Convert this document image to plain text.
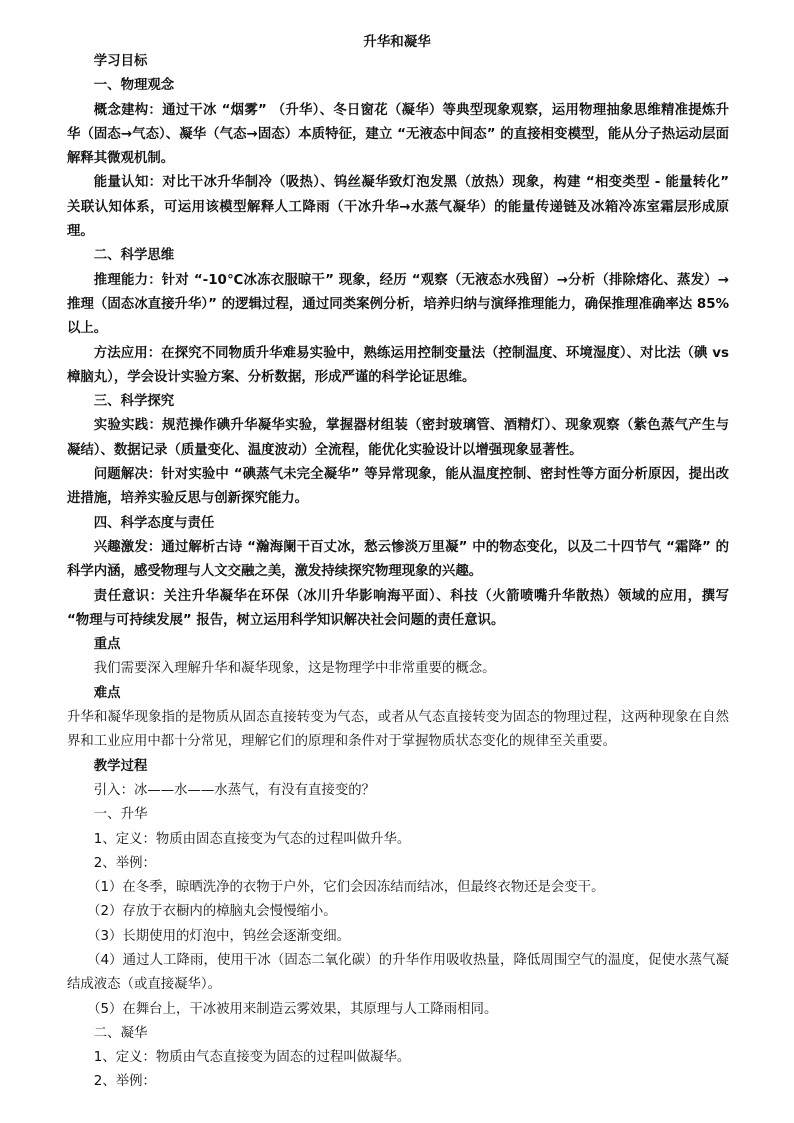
升华和凝华

学习目标

一、物理观念

概念建构：通过干冰 “烟雾” （升华）、冬日窗花（凝华）等典型现象观察，运用物理抽象思维精准提炼升华（固态→气态）、凝华（气态→固态）本质特征，建立 “无液态中间态” 的直接相变模型，能从分子热运动层面解释其微观机制。

能量认知：对比干冰升华制冷（吸热）、钨丝凝华致灯泡发黑（放热）现象，构建 “相变类型 - 能量转化” 关联认知体系，可运用该模型解释人工降雨（干冰升华→水蒸气凝华）的能量传递链及冰箱冷冻室霜层形成原理。

二、科学思维

推理能力：针对 “-10℃冰冻衣服晾干” 现象，经历 “观察（无液态水残留）→分析（排除熔化、蒸发）→推理（固态冰直接升华）” 的逻辑过程，通过同类案例分析，培养归纳与演绎推理能力，确保推理准确率达 85% 以上。

方法应用：在探究不同物质升华难易实验中，熟练运用控制变量法（控制温度、环境湿度）、对比法（碘 vs 樟脑丸），学会设计实验方案、分析数据，形成严谨的科学论证思维。

三、科学探究

实验实践：规范操作碘升华凝华实验，掌握器材组装（密封玻璃管、酒精灯）、现象观察（紫色蒸气产生与凝结）、数据记录（质量变化、温度波动）全流程，能优化实验设计以增强现象显著性。

问题解决：针对实验中 “碘蒸气未完全凝华” 等异常现象，能从温度控制、密封性等方面分析原因，提出改进措施，培养实验反思与创新探究能力。

四、科学态度与责任

兴趣激发：通过解析古诗 “瀚海阑干百丈冰，愁云惨淡万里凝” 中的物态变化，以及二十四节气 “霜降” 的科学内涵，感受物理与人文交融之美，激发持续探究物理现象的兴趣。

责任意识：关注升华凝华在环保（冰川升华影响海平面）、科技（火箭喷嘴升华散热）领域的应用，撰写 “物理与可持续发展” 报告，树立运用科学知识解决社会问题的责任意识。

重点

我们需要深入理解升华和凝华现象，这是物理学中非常重要的概念。

难点

升华和凝华现象指的是物质从固态直接转变为气态，或者从气态直接转变为固态的物理过程，这两种现象在自然界和工业应用中都十分常见，理解它们的原理和条件对于掌握物质状态变化的规律至关重要。

教学过程

引入：冰——水——水蒸气，有没有直接变的？

一、升华

1、定义：物质由固态直接变为气态的过程叫做升华。

2、举例：

（1）在冬季，晾晒洗净的衣物于户外，它们会因冻结而结冰，但最终衣物还是会变干。

（2）存放于衣橱内的樟脑丸会慢慢缩小。

（3）长期使用的灯泡中，钨丝会逐渐变细。

（4）通过人工降雨，使用干冰（固态二氧化碳）的升华作用吸收热量，降低周围空气的温度，促使水蒸气凝结成液态（或直接凝华）。

（5）在舞台上，干冰被用来制造云雾效果，其原理与人工降雨相同。

二、凝华

1、定义：物质由气态直接变为固态的过程叫做凝华。

2、举例：
